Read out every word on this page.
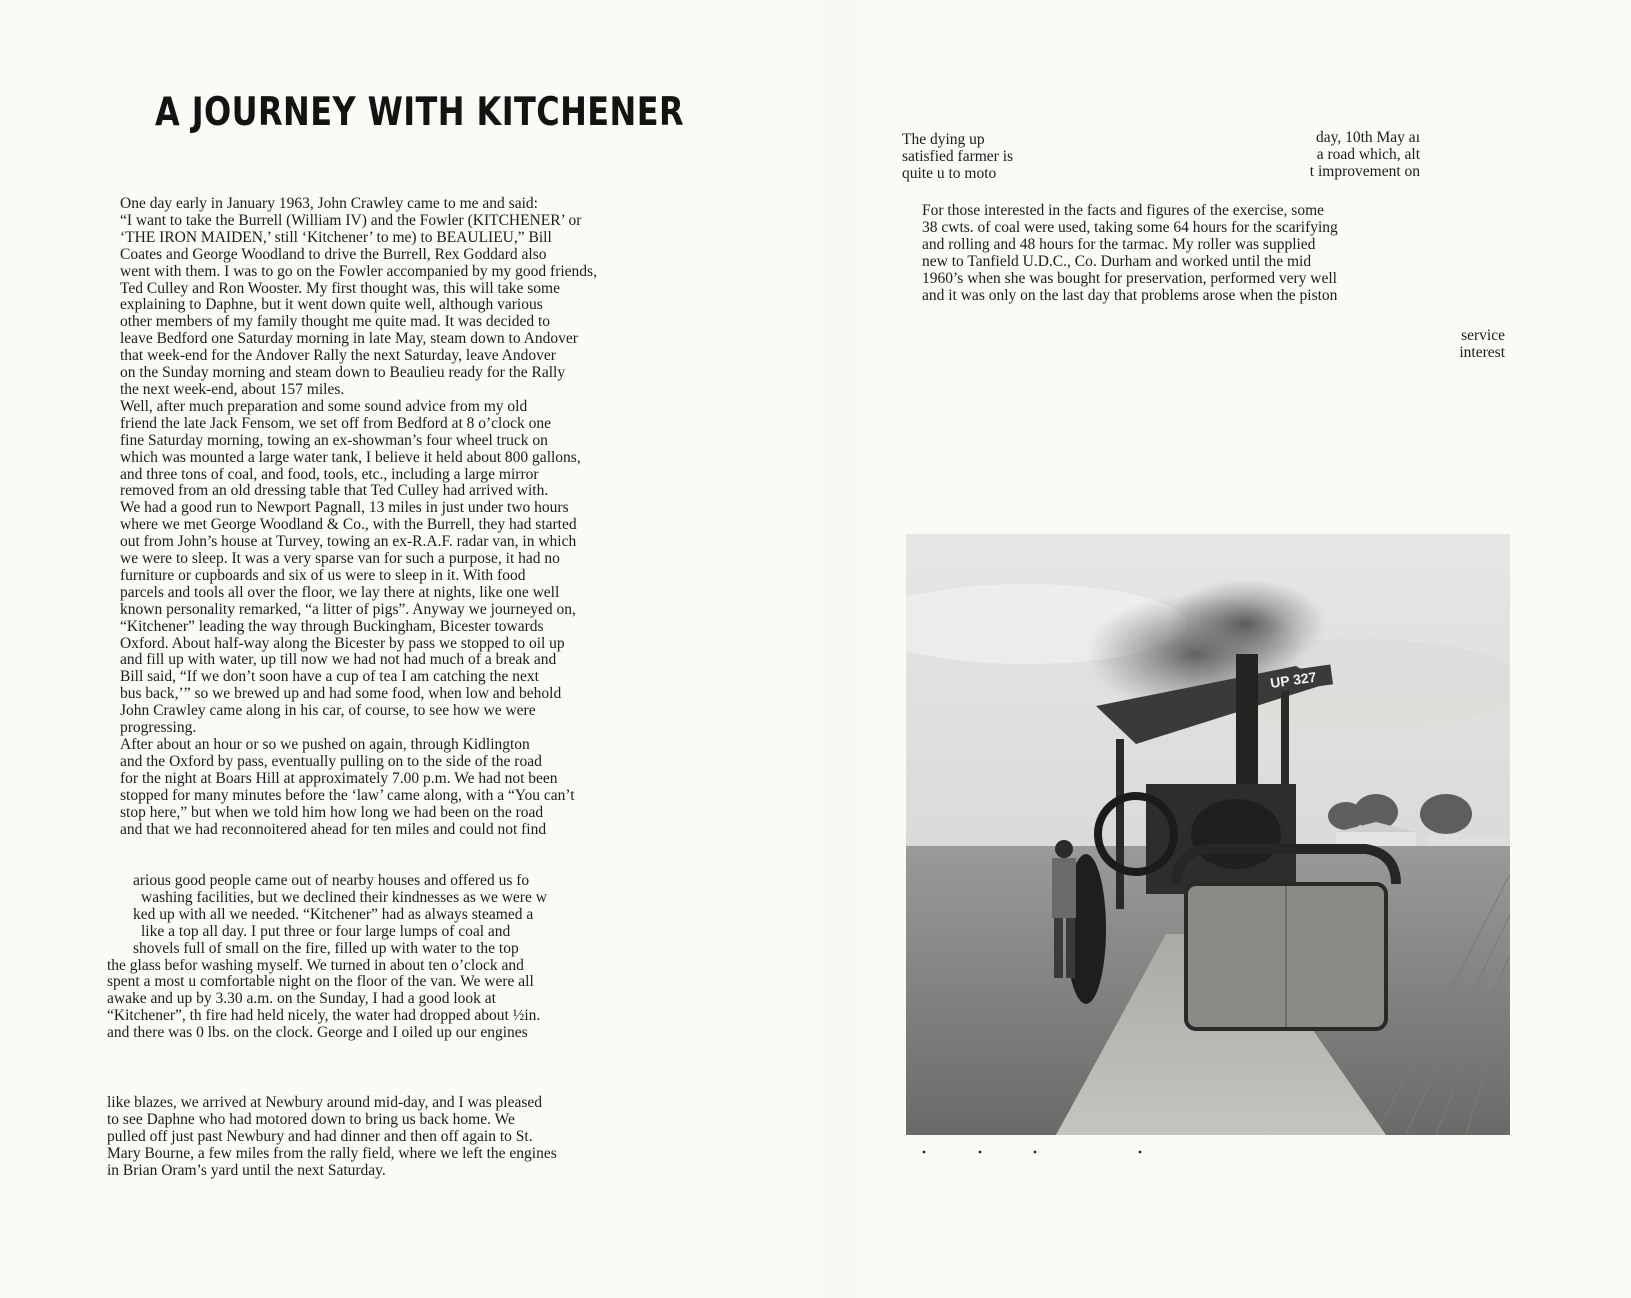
A JOURNEY WITH KITCHENER

One day early in January 1963, John Crawley came to me and said:
“I want to take the Burrell (William IV) and the Fowler (KITCHENER’ or
‘THE IRON MAIDEN,’ still ‘Kitchener’ to me) to BEAULIEU,” Bill
Coates and George Woodland to drive the Burrell, Rex Goddard also
went with them. I was to go on the Fowler accompanied by my good friends,
Ted Culley and Ron Wooster. My first thought was, this will take some
explaining to Daphne, but it went down quite well, although various
other members of my family thought me quite mad. It was decided to
leave Bedford one Saturday morning in late May, steam down to Andover
that week-end for the Andover Rally the next Saturday, leave Andover
on the Sunday morning and steam down to Beaulieu ready for the Rally
the next week-end, about 157 miles.

Well, after much preparation and some sound advice from my old
friend the late Jack Fensom, we set off from Bedford at 8 o’clock one
fine Saturday morning, towing an ex-showman’s four wheel truck on
which was mounted a large water tank, I believe it held about 800 gallons,
and three tons of coal, and food, tools, etc., including a large mirror
removed from an old dressing table that Ted Culley had arrived with.
We had a good run to Newport Pagnall, 13 miles in just under two hours
where we met George Woodland & Co., with the Burrell, they had started
out from John’s house at Turvey, towing an ex-R.A.F. radar van, in which
we were to sleep. It was a very sparse van for such a purpose, it had no
furniture or cupboards and six of us were to sleep in it. With food
parcels and tools all over the floor, we lay there at nights, like one well
known personality remarked, “a litter of pigs”. Anyway we journeyed on,
“Kitchener” leading the way through Buckingham, Bicester towards
Oxford. About half-way along the Bicester by pass we stopped to oil up
and fill up with water, up till now we had not had much of a break and
Bill said, “If we don’t soon have a cup of tea I am catching the next
bus back,’” so we brewed up and had some food, when low and behold
John Crawley came along in his car, of course, to see how we were
progressing.

After about an hour or so we pushed on again, through Kidlington
and the Oxford by pass, eventually pulling on to the side of the road
for the night at Boars Hill at approximately 7.00 p.m. We had not been
stopped for many minutes before the ‘law’ came along, with a “You can’t
stop here,” but when we told him how long we had been on the road
and that we had reconnoitered ahead for ten miles and could not find

arious good people came out of nearby houses and offered us fo
washing facilities, but we declined their kindnesses as we were w
ked up with all we needed. “Kitchener” had as always steamed a
like a top all day. I put three or four large lumps of coal and
shovels full of small on the fire, filled up with water to the top
the glass befor washing myself. We turned in about ten o’clock and
spent a most u comfortable night on the floor of the van. We were all
awake and up by 3.30 a.m. on the Sunday, I had a good look at
“Kitchener”, th fire had held nicely, the water had dropped about ½in.
and there was 0 lbs. on the clock. George and I oiled up our engines

like blazes, we arrived at Newbury around mid-day, and I was pleased
to see Daphne who had motored down to bring us back home. We
pulled off just past Newbury and had dinner and then off again to St.
Mary Bourne, a few miles from the rally field, where we left the engines
in Brian Oram’s yard until the next Saturday.

The dying up
satisfied farmer is
quite u to moto

day, 10th May aı
a road which, alt
t improvement on

For those interested in the facts and figures of the exercise, some
38 cwts. of coal were used, taking some 64 hours for the scarifying
and rolling and 48 hours for the tarmac. My roller was supplied
new to Tanfield U.D.C., Co. Durham and worked until the mid
1960’s when she was bought for preservation, performed very well
and it was only on the last day that problems arose when the piston

service
interest

UP 327
